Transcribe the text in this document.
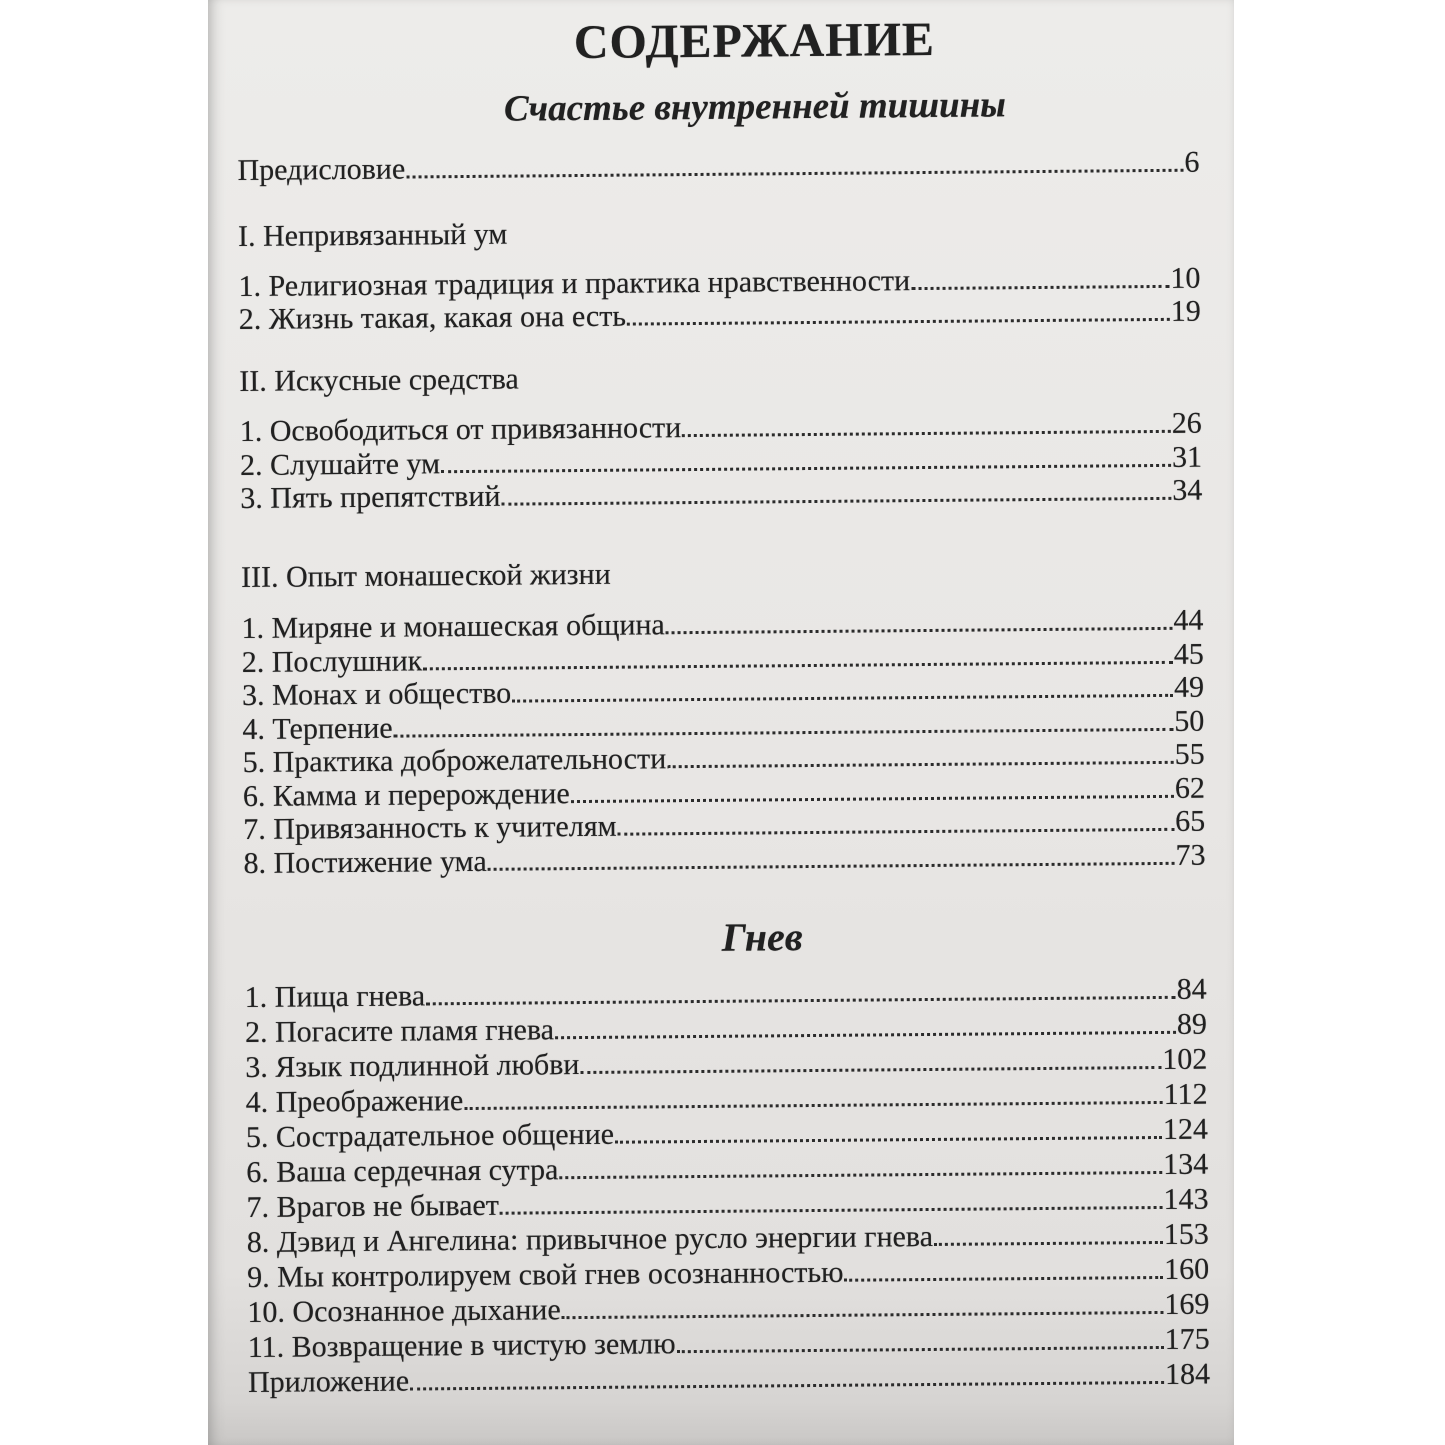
СОДЕРЖАНИЕ
Счастье внутренней тишины
Предисловие	6
I. Непривязанный ум
1. Религиозная традиция и практика нравственности	10
2. Жизнь такая, какая она есть	19
II. Искусные средства
1. Освободиться от привязанности	26
2. Слушайте ум	31
3. Пять препятствий	34
III. Опыт монашеской жизни
1. Миряне и монашеская община	44
2. Послушник	45
3. Монах и общество	49
4. Терпение	50
5. Практика доброжелательности	55
6. Камма и перерождение	62
7. Привязанность к учителям	65
8. Постижение ума	73
Гнев
1. Пища гнева	84
2. Погасите пламя гнева	89
3. Язык подлинной любви	102
4. Преображение	112
5. Сострадательное общение	124
6. Ваша сердечная сутра	134
7. Врагов не бывает	143
8. Дэвид и Ангелина: привычное русло энергии гнева	153
9. Мы контролируем свой гнев осознанностью	160
10. Осознанное дыхание	169
11. Возвращение в чистую землю	175
Приложение	184
